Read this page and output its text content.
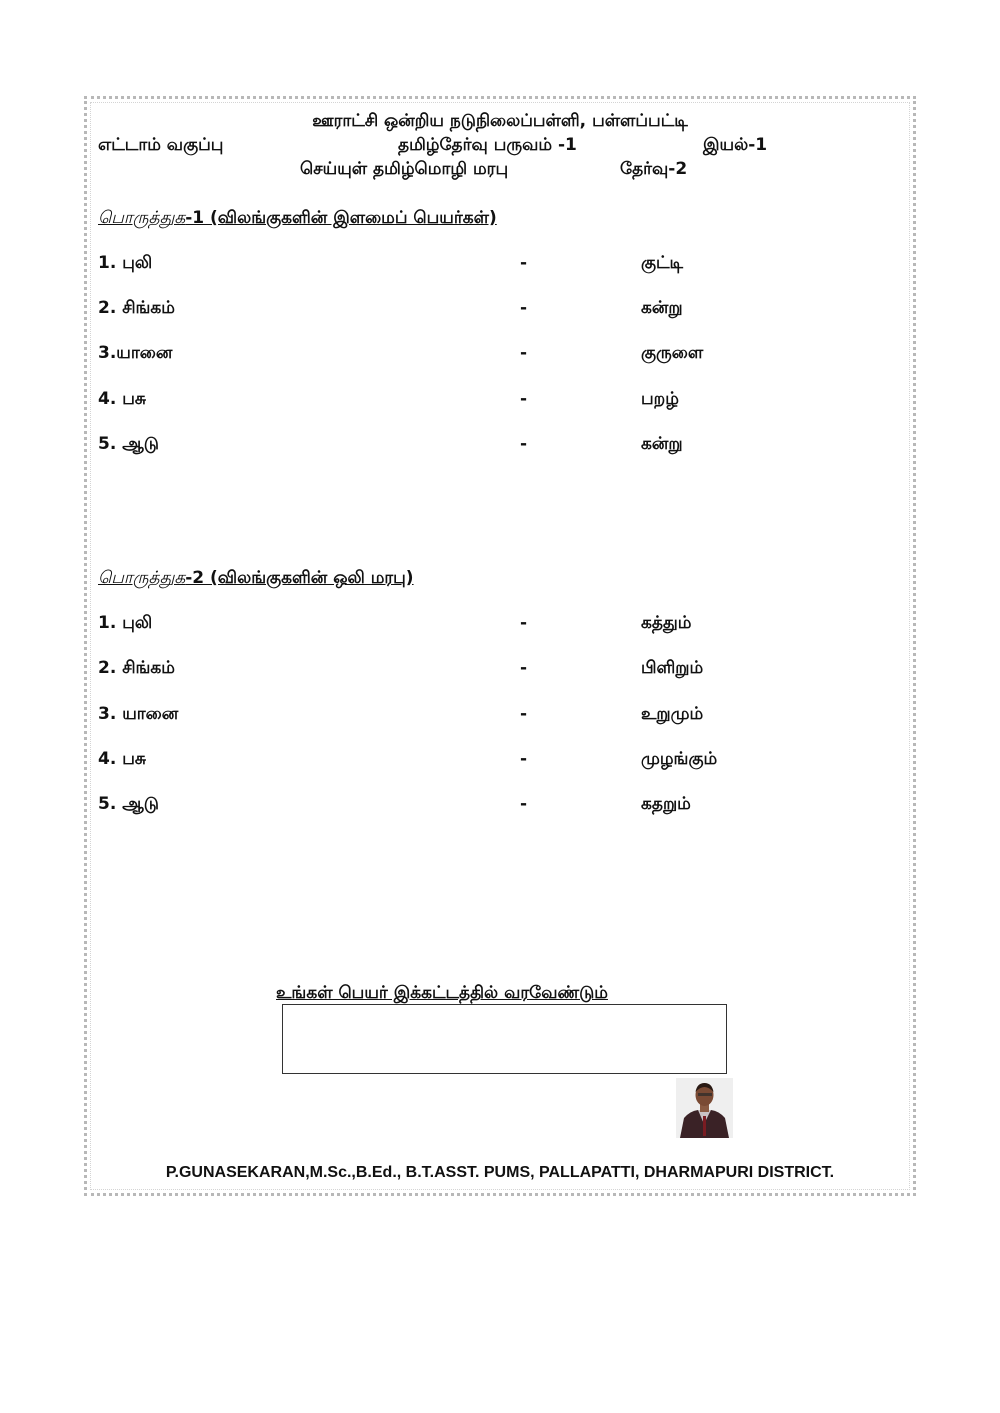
ஊராட்சி ஒன்றிய நடுநிலைப்பள்ளி, பள்ளப்பட்டி
எட்டாம் வகுப்பு	தமிழ்தேர்வு பருவம் -1	இயல்-1
செய்யுள் தமிழ்மொழி மரபு	தேர்வு-2
பொருத்துக-1 (விலங்குகளின் இளமைப் பெயர்கள்)
1. புலி	-	குட்டி
2. சிங்கம்	-	கன்று
3.யானை	-	குருளை
4. பசு	-	பறழ்
5. ஆடு	-	கன்று
பொருத்துக-2 (விலங்குகளின் ஒலி மரபு)
1. புலி	-	கத்தும்
2. சிங்கம்	-	பிளிறும்
3. யானை	-	உறுமும்
4. பசு	-	முழங்கும்
5. ஆடு	-	கதறும்
உங்கள் பெயர் இக்கட்டத்தில் வரவேண்டும்
P.GUNASEKARAN,M.Sc.,B.Ed., B.T.ASST. PUMS, PALLAPATTI, DHARMAPURI DISTRICT.
